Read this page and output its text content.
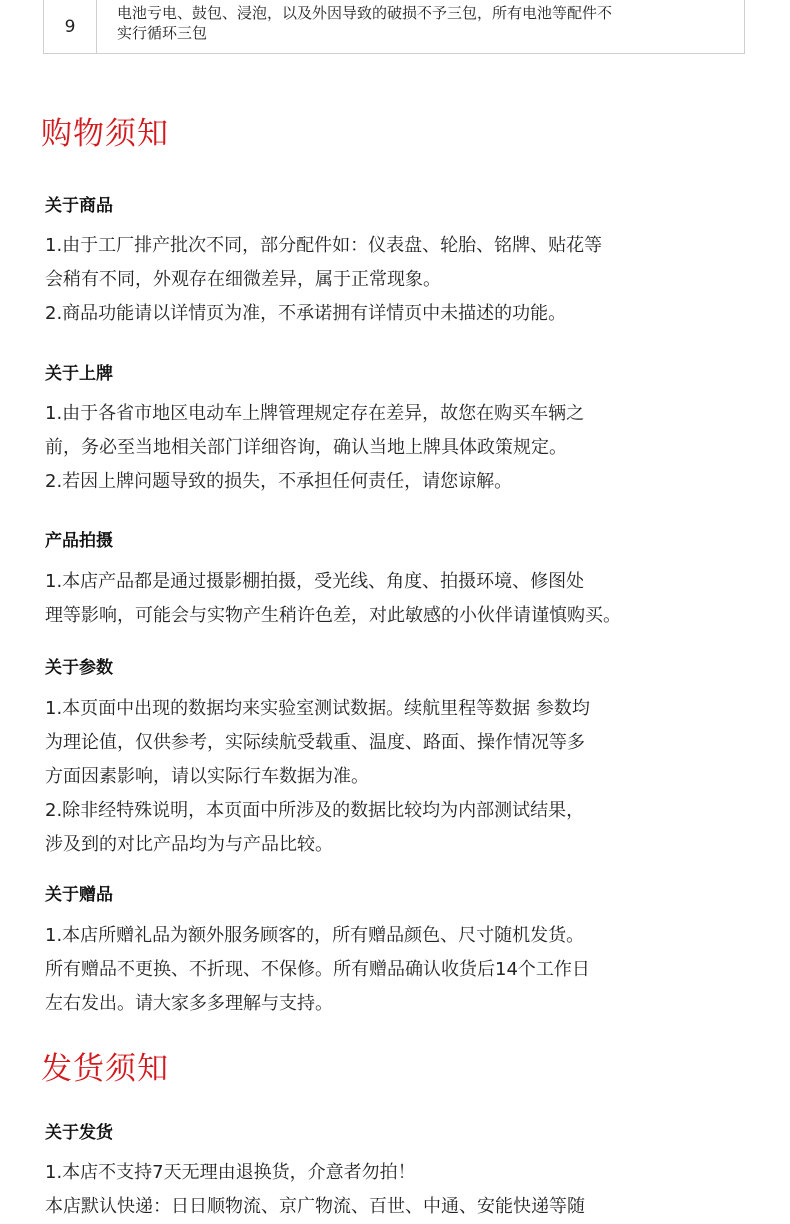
9
电池亏电、鼓包、浸泡，以及外因导致的破损不予三包，所有电池等配件不
实行循环三包
购物须知
关于商品
1.由于工厂排产批次不同，部分配件如：仪表盘、轮胎、铭牌、贴花等
会稍有不同，外观存在细微差异，属于正常现象。
2.商品功能请以详情页为准，不承诺拥有详情页中未描述的功能。
关于上牌
1.由于各省市地区电动车上牌管理规定存在差异，故您在购买车辆之
前，务必至当地相关部门详细咨询，确认当地上牌具体政策规定。
2.若因上牌问题导致的损失，不承担任何责任，请您谅解。
产品拍摄
1.本店产品都是通过摄影棚拍摄，受光线、角度、拍摄环境、修图处
理等影响，可能会与实物产生稍许色差，对此敏感的小伙伴请谨慎购买。
关于参数
1.本页面中出现的数据均来实验室测试数据。续航里程等数据 参数均
为理论值，仅供参考，实际续航受载重、温度、路面、操作情况等多
方面因素影响，请以实际行车数据为准。
2.除非经特殊说明，本页面中所涉及的数据比较均为内部测试结果，
涉及到的对比产品均为与产品比较。
关于赠品
1.本店所赠礼品为额外服务顾客的，所有赠品颜色、尺寸随机发货。
所有赠品不更换、不折现、不保修。所有赠品确认收货后14个工作日
左右发出。请大家多多理解与支持。
发货须知
关于发货
1.本店不支持7天无理由退换货，介意者勿拍！
本店默认快递：日日顺物流、京广物流、百世、中通、安能快递等随
